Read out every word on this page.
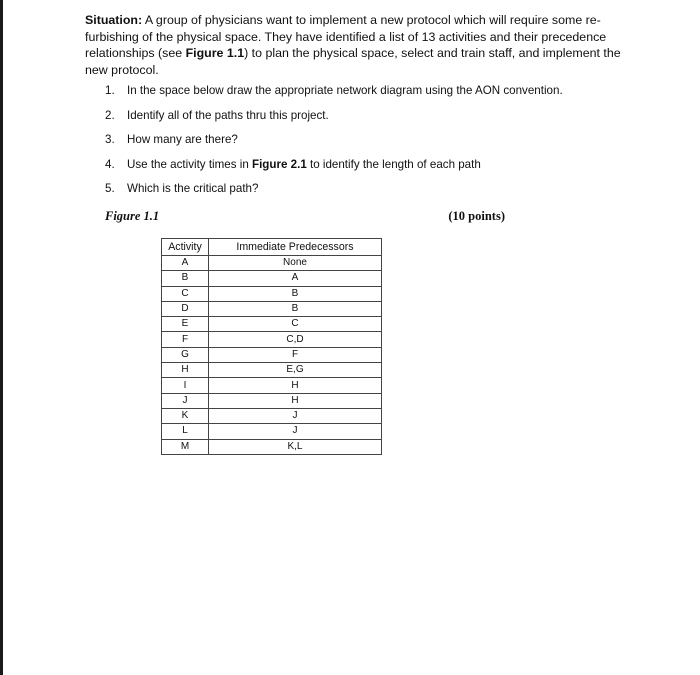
Situation: A group of physicians want to implement a new protocol which will require some re-furbishing of the physical space. They have identified a list of 13 activities and their precedence relationships (see Figure 1.1) to plan the physical space, select and train staff, and implement the new protocol.

1.	In the space below draw the appropriate network diagram using the AON convention.
2.	Identify all of the paths thru this project.
3.	How many are there?
4.	Use the activity times in Figure 2.1 to identify the length of each path
5.	Which is the critical path?
Figure 1.1	(10 points)
Activity	Immediate Predecessors
A	None
B	A
C	B
D	B
E	C
F	C,D
G	F
H	E,G
I	H
J	H
K	J
L	J
M	K,L
